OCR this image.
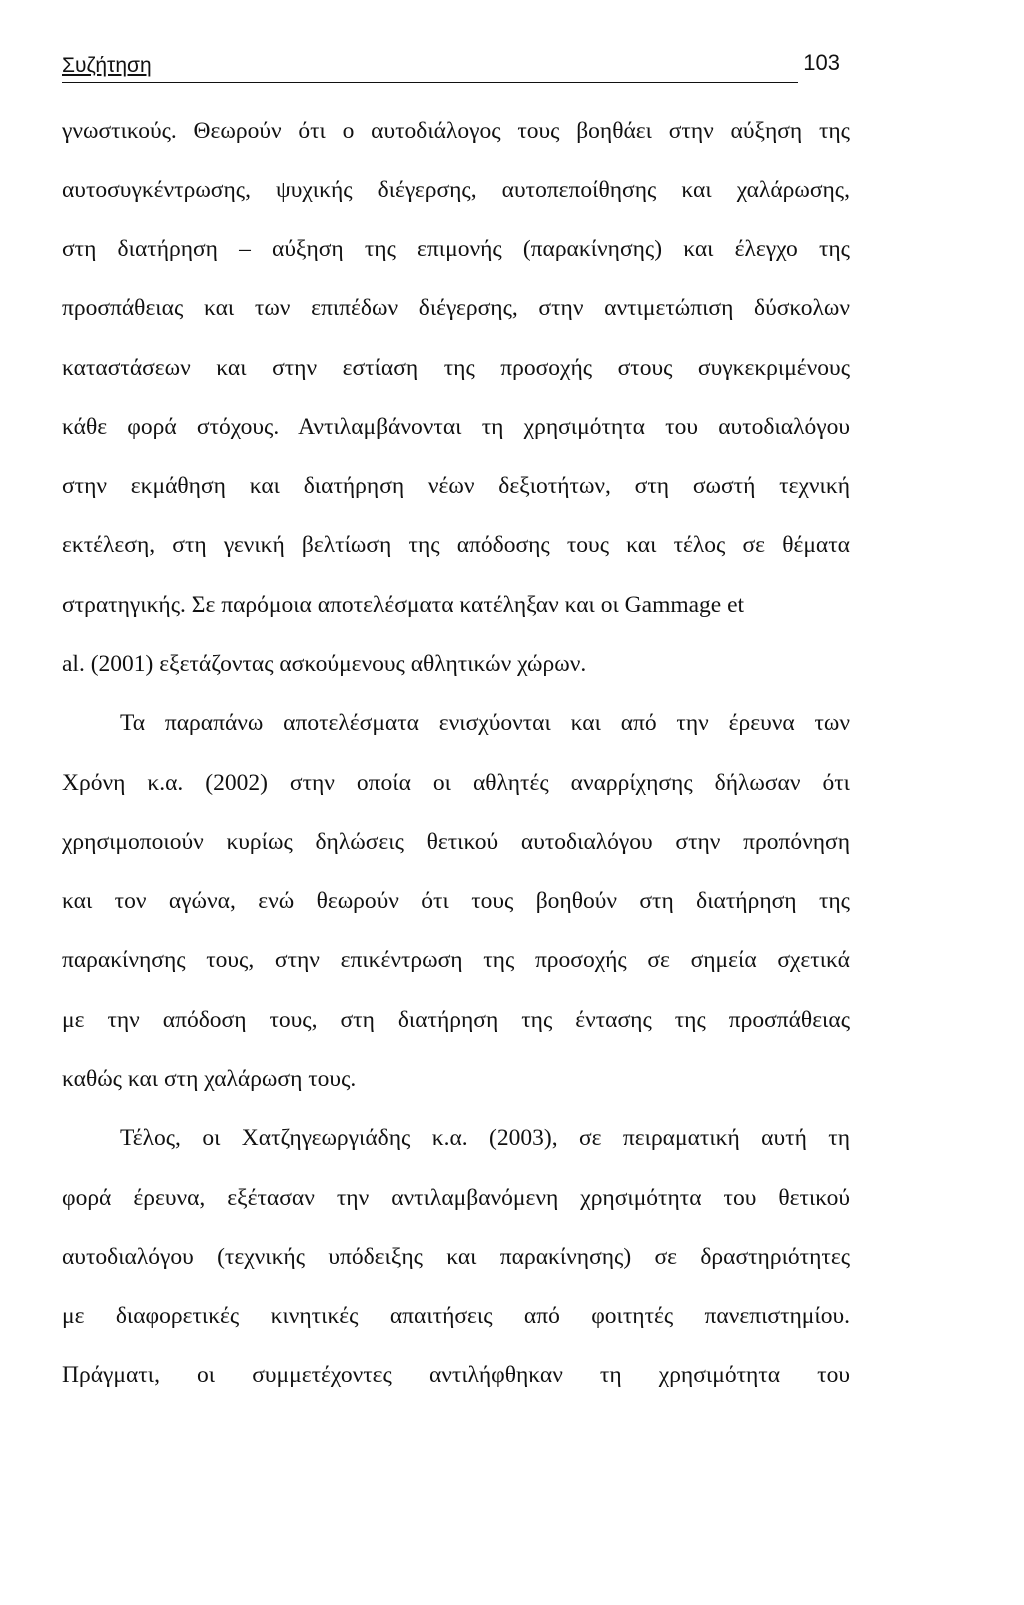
Συζήτηση	103
γνωστικούς. Θεωρούν ότι ο αυτοδιάλογος τους βοηθάει στην αύξηση της
αυτοσυγκέντρωσης, ψυχικής διέγερσης, αυτοπεποίθησης και χαλάρωσης,
στη διατήρηση – αύξηση της επιμονής (παρακίνησης) και έλεγχο της
προσπάθειας και των επιπέδων διέγερσης, στην αντιμετώπιση δύσκολων
καταστάσεων και στην εστίαση της προσοχής στους συγκεκριμένους
κάθε φορά στόχους. Αντιλαμβάνονται τη χρησιμότητα του αυτοδιαλόγου
στην εκμάθηση και διατήρηση νέων δεξιοτήτων, στη σωστή τεχνική
εκτέλεση, στη γενική βελτίωση της απόδοσης τους και τέλος σε θέματα
στρατηγικής. Σε παρόμοια αποτελέσματα κατέληξαν και οι Gammage et
al. (2001) εξετάζοντας ασκούμενους αθλητικών χώρων.
Τα παραπάνω αποτελέσματα ενισχύονται και από την έρευνα των
Χρόνη κ.α. (2002) στην οποία οι αθλητές αναρρίχησης δήλωσαν ότι
χρησιμοποιούν κυρίως δηλώσεις θετικού αυτοδιαλόγου στην προπόνηση
και τον αγώνα, ενώ θεωρούν ότι τους βοηθούν στη διατήρηση της
παρακίνησης τους, στην επικέντρωση της προσοχής σε σημεία σχετικά
με την απόδοση τους, στη διατήρηση της έντασης της προσπάθειας
καθώς και στη χαλάρωση τους.
Τέλος, οι Χατζηγεωργιάδης κ.α. (2003), σε πειραματική αυτή τη
φορά έρευνα, εξέτασαν την αντιλαμβανόμενη χρησιμότητα του θετικού
αυτοδιαλόγου (τεχνικής υπόδειξης και παρακίνησης) σε δραστηριότητες
με διαφορετικές κινητικές απαιτήσεις από φοιτητές πανεπιστημίου.
Πράγματι, οι συμμετέχοντες αντιλήφθηκαν τη χρησιμότητα του
